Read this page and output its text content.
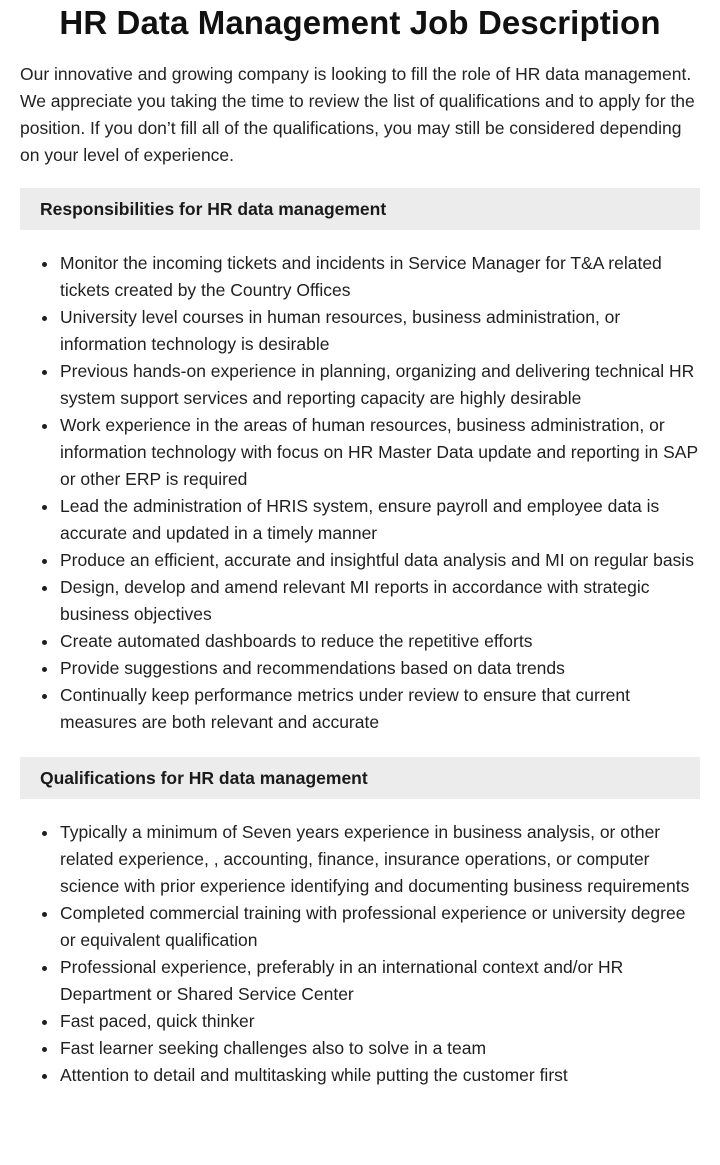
HR Data Management Job Description

Our innovative and growing company is looking to fill the role of HR data management. We appreciate you taking the time to review the list of qualifications and to apply for the position. If you don’t fill all of the qualifications, you may still be considered depending on your level of experience.

Responsibilities for HR data management
Monitor the incoming tickets and incidents in Service Manager for T&A related tickets created by the Country Offices
University level courses in human resources, business administration, or information technology is desirable
Previous hands-on experience in planning, organizing and delivering technical HR system support services and reporting capacity are highly desirable
Work experience in the areas of human resources, business administration, or information technology with focus on HR Master Data update and reporting in SAP or other ERP is required
Lead the administration of HRIS system, ensure payroll and employee data is accurate and updated in a timely manner
Produce an efficient, accurate and insightful data analysis and MI on regular basis
Design, develop and amend relevant MI reports in accordance with strategic business objectives
Create automated dashboards to reduce the repetitive efforts
Provide suggestions and recommendations based on data trends
Continually keep performance metrics under review to ensure that current measures are both relevant and accurate
Qualifications for HR data management
Typically a minimum of Seven years experience in business analysis, or other related experience, , accounting, finance, insurance operations, or computer science with prior experience identifying and documenting business requirements
Completed commercial training with professional experience or university degree or equivalent qualification
Professional experience, preferably in an international context and/or HR Department or Shared Service Center
Fast paced, quick thinker
Fast learner seeking challenges also to solve in a team
Attention to detail and multitasking while putting the customer first
